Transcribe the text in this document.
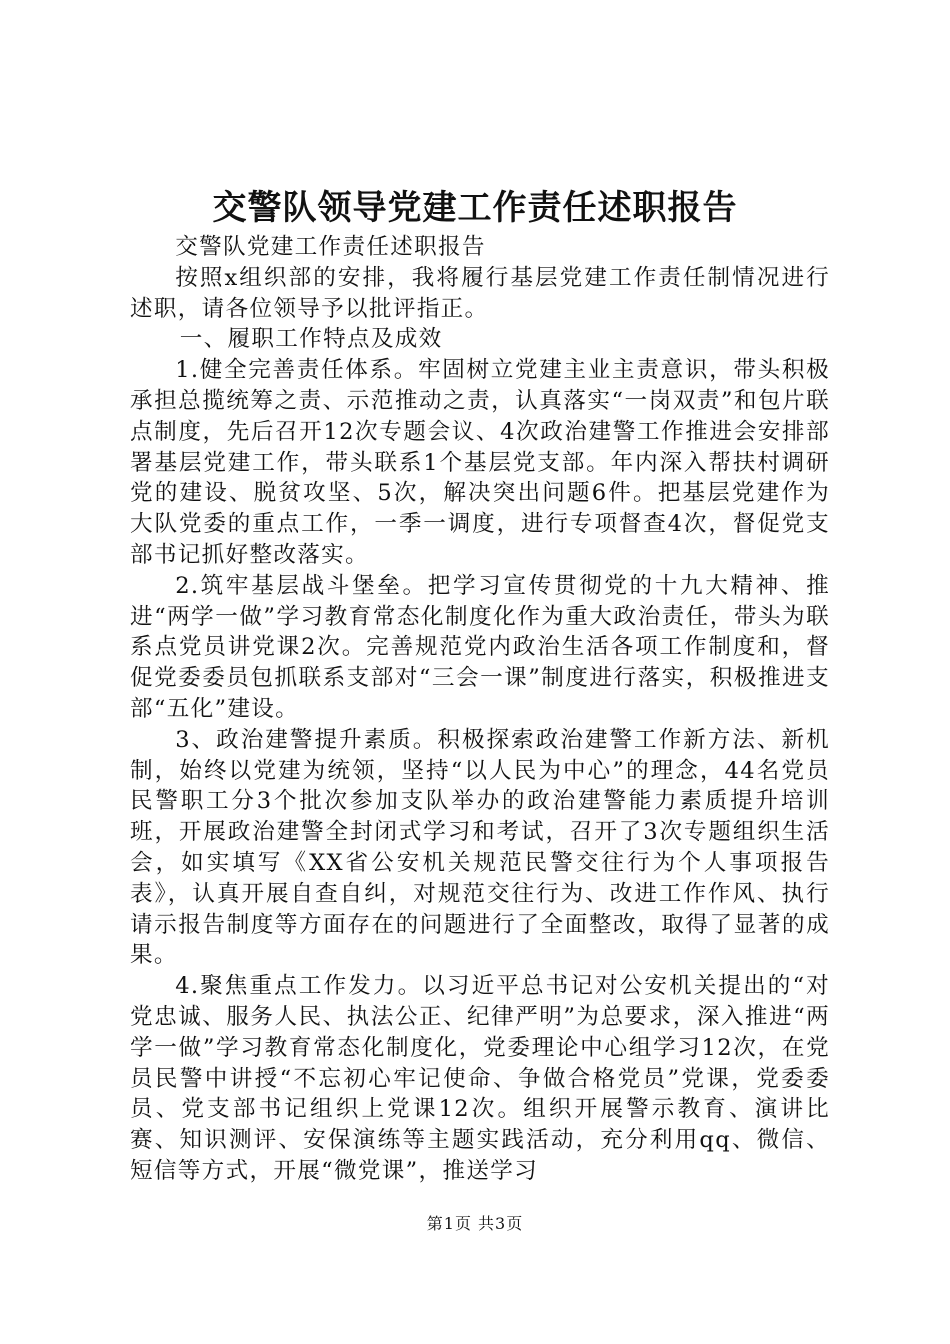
交警队领导党建工作责任述职报告

交警队党建工作责任述职报告

按照x组织部的安排，我将履行基层党建工作责任制情况进行述职，请各位领导予以批评指正。

一、履职工作特点及成效

1.健全完善责任体系。牢固树立党建主业主责意识，带头积极承担总揽统筹之责、示范推动之责，认真落实“一岗双责”和包片联点制度，先后召开12次专题会议、4次政治建警工作推进会安排部署基层党建工作，带头联系1个基层党支部。年内深入帮扶村调研党的建设、脱贫攻坚、5次，解决突出问题6件。把基层党建作为大队党委的重点工作，一季一调度，进行专项督查4次，督促党支部书记抓好整改落实。

2.筑牢基层战斗堡垒。把学习宣传贯彻党的十九大精神、推进“两学一做”学习教育常态化制度化作为重大政治责任，带头为联系点党员讲党课2次。完善规范党内政治生活各项工作制度和，督促党委委员包抓联系支部对“三会一课”制度进行落实，积极推进支部“五化”建设。

3、政治建警提升素质。积极探索政治建警工作新方法、新机制，始终以党建为统领，坚持“以人民为中心”的理念，44名党员民警职工分3个批次参加支队举办的政治建警能力素质提升培训班，开展政治建警全封闭式学习和考试，召开了3次专题组织生活会，如实填写《XX省公安机关规范民警交往行为个人事项报告表》，认真开展自查自纠，对规范交往行为、改进工作作风、执行请示报告制度等方面存在的问题进行了全面整改，取得了显著的成果。

4.聚焦重点工作发力。以习近平总书记对公安机关提出的“对党忠诚、服务人民、执法公正、纪律严明”为总要求，深入推进“两学一做”学习教育常态化制度化，党委理论中心组学习12次，在党员民警中讲授“不忘初心牢记使命、争做合格党员”党课，党委委员、党支部书记组织上党课12次。组织开展警示教育、演讲比赛、知识测评、安保演练等主题实践活动，充分利用qq、微信、短信等方式，开展“微党课”，推送学习

第1页 共3页
